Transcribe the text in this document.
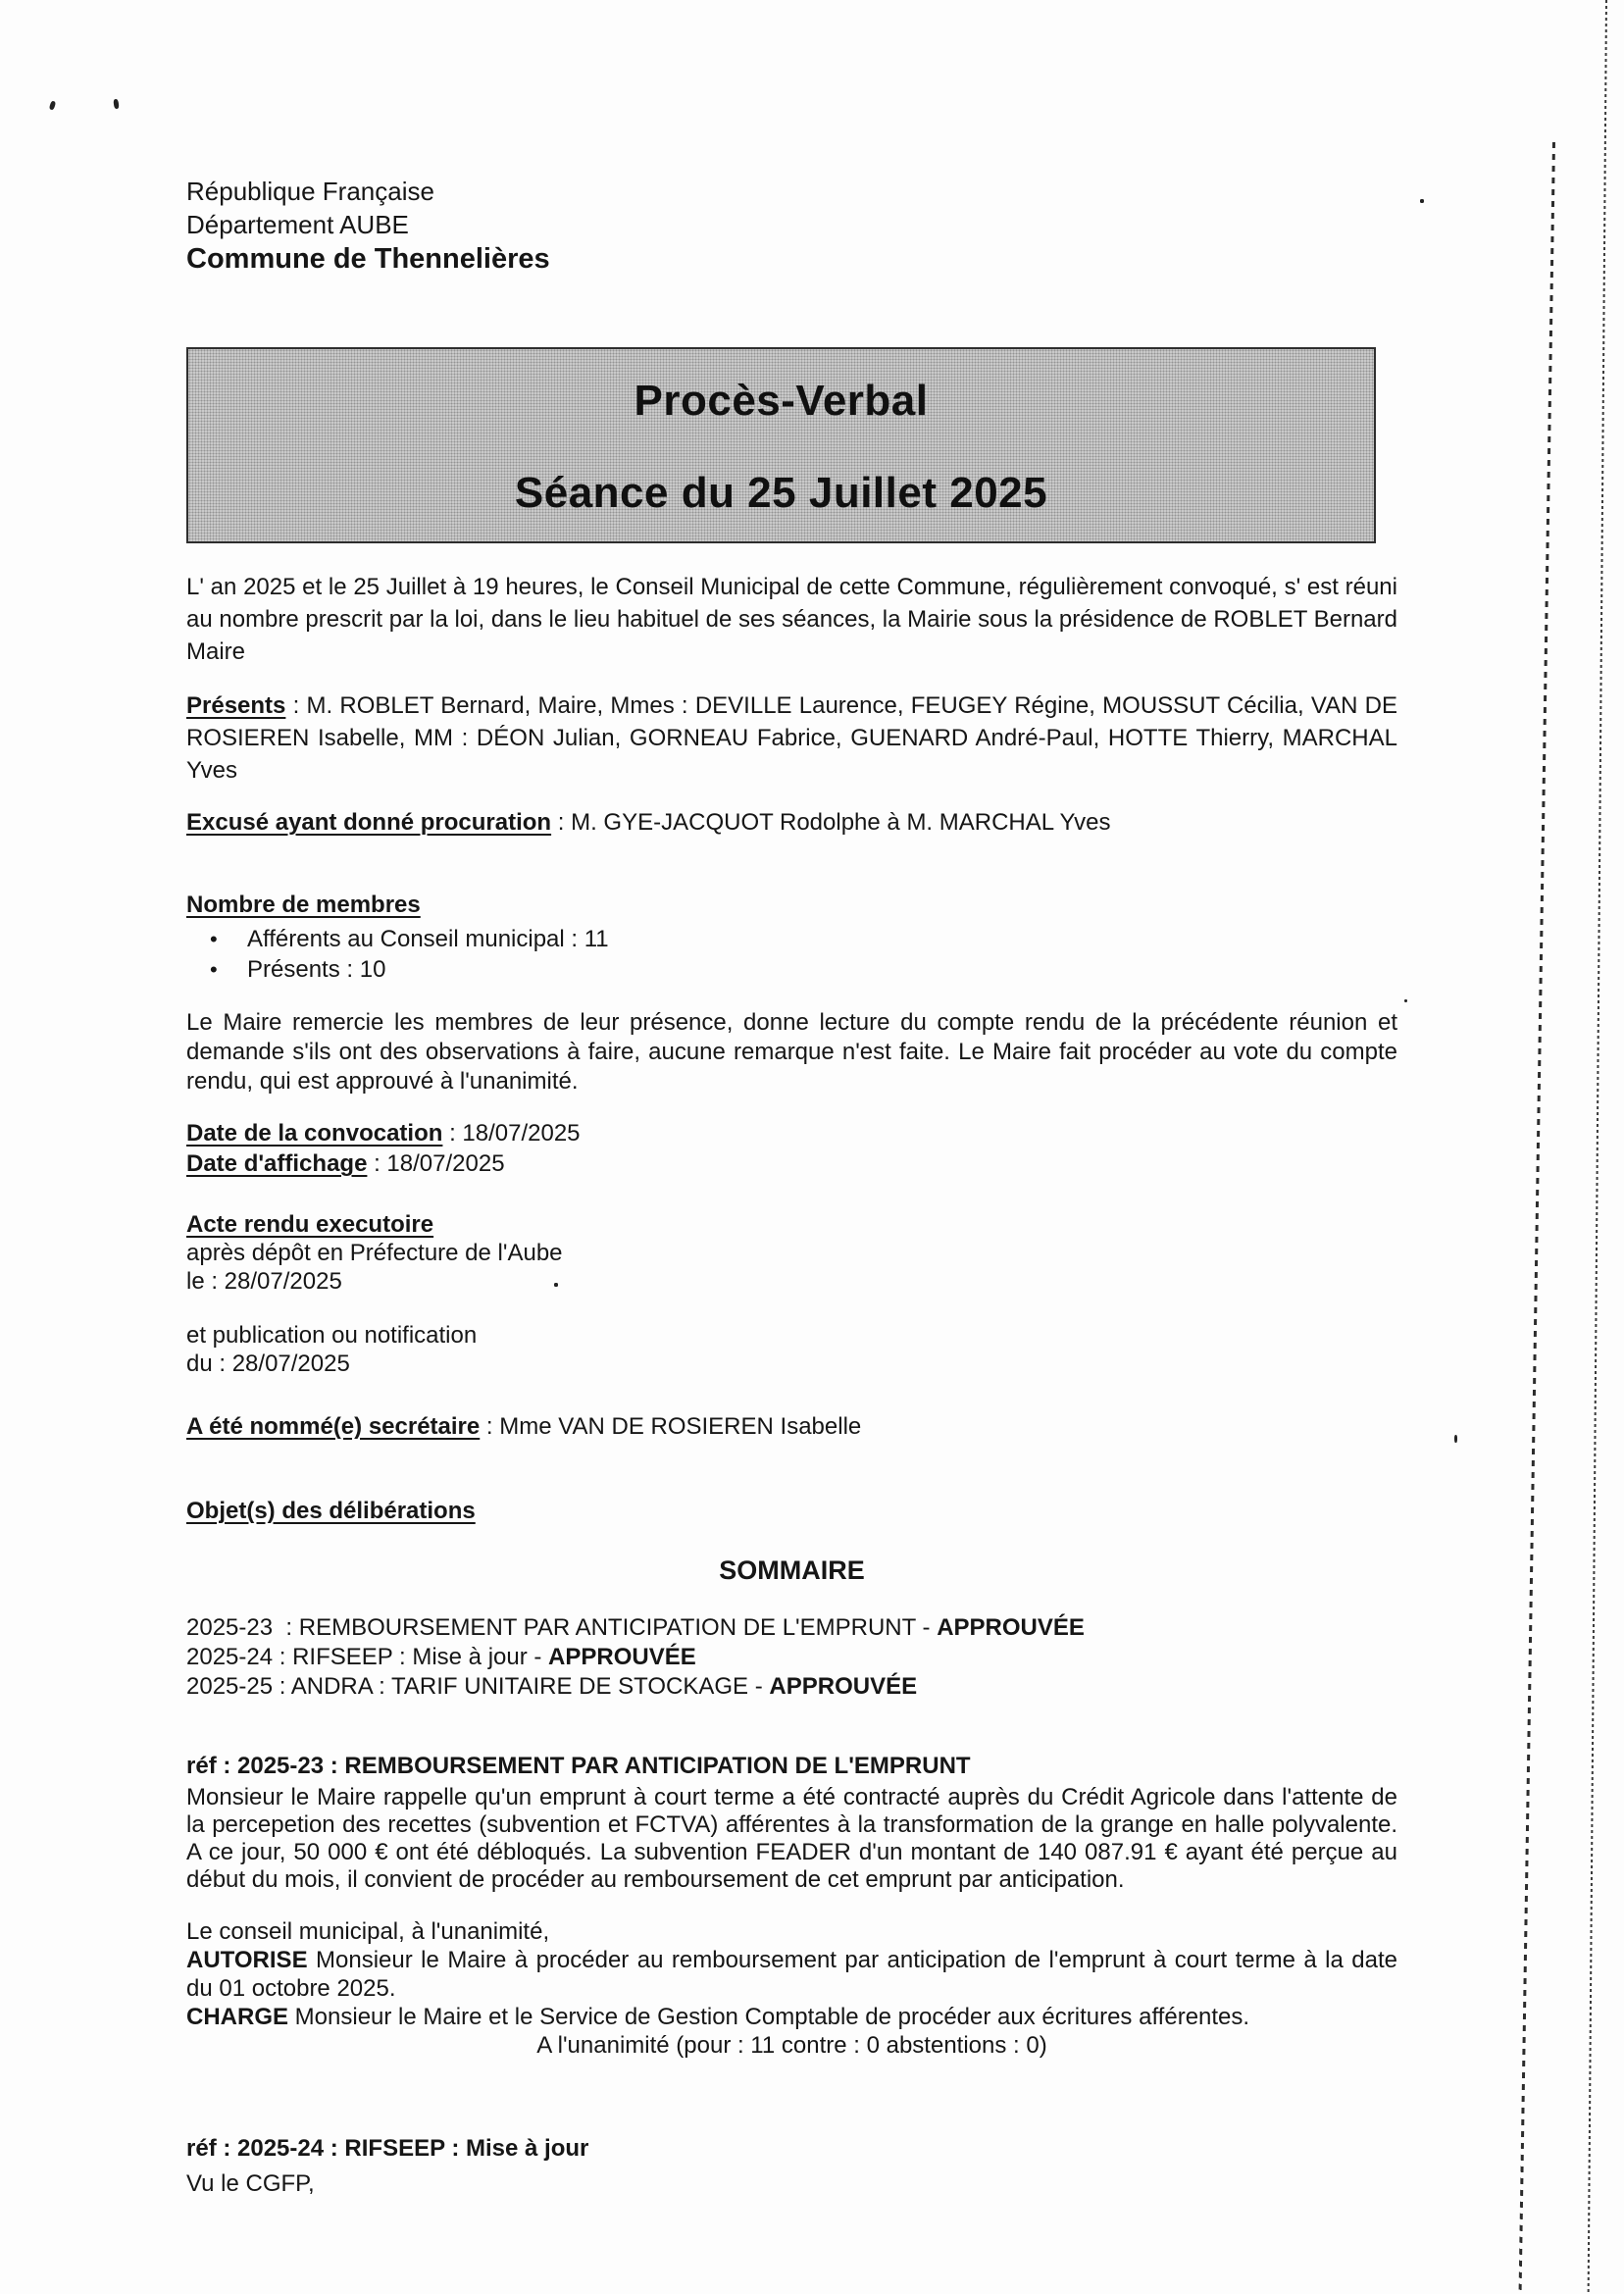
République Française
Département AUBE
Commune de Thennelières
Procès-Verbal
Séance du 25 Juillet 2025

L' an 2025 et le 25 Juillet à 19 heures, le Conseil Municipal de cette Commune, régulièrement convoqué, s' est réuni au nombre prescrit par la loi, dans le lieu habituel de ses séances, la Mairie sous la présidence de ROBLET Bernard Maire

Présents : M. ROBLET Bernard, Maire, Mmes : DEVILLE Laurence, FEUGEY Régine, MOUSSUT Cécilia, VAN DE ROSIEREN Isabelle, MM : DÉON Julian, GORNEAU Fabrice, GUENARD André-Paul, HOTTE Thierry, MARCHAL Yves

Excusé ayant donné procuration : M. GYE-JACQUOT Rodolphe à M. MARCHAL Yves

Nombre de membres
• Afférents au Conseil municipal : 11
• Présents : 10

Le Maire remercie les membres de leur présence, donne lecture du compte rendu de la précédente réunion et demande s'ils ont des observations à faire, aucune remarque n'est faite. Le Maire fait procéder au vote du compte rendu, qui est approuvé à l'unanimité.

Date de la convocation : 18/07/2025

Date d'affichage : 18/07/2025

Acte rendu executoire

après dépôt en Préfecture de l'Aube

le : 28/07/2025

et publication ou notification

du : 28/07/2025

A été nommé(e) secrétaire : Mme VAN DE ROSIEREN Isabelle

Objet(s) des délibérations

SOMMAIRE
2025-23  : REMBOURSEMENT PAR ANTICIPATION DE L'EMPRUNT - APPROUVÉE
2025-24 : RIFSEEP : Mise à jour - APPROUVÉE
2025-25 : ANDRA : TARIF UNITAIRE DE STOCKAGE - APPROUVÉE
réf : 2025-23 : REMBOURSEMENT PAR ANTICIPATION DE L'EMPRUNT

Monsieur le Maire rappelle qu'un emprunt à court terme a été contracté auprès du Crédit Agricole dans l'attente de la percepetion des recettes (subvention et FCTVA) afférentes à la transformation de la grange en halle polyvalente. A ce jour, 50 000 € ont été débloqués. La subvention FEADER d'un montant de 140 087.91 € ayant été perçue au début du mois, il convient de procéder au remboursement de cet emprunt par anticipation.

Le conseil municipal, à l'unanimité,

AUTORISE Monsieur le Maire à procéder au remboursement par anticipation de l'emprunt à court terme à la date du 01 octobre 2025.

CHARGE Monsieur le Maire et le Service de Gestion Comptable de procéder aux écritures afférentes.

A l'unanimité (pour : 11 contre : 0 abstentions : 0)

réf : 2025-24 : RIFSEEP : Mise à jour

Vu le CGFP,
